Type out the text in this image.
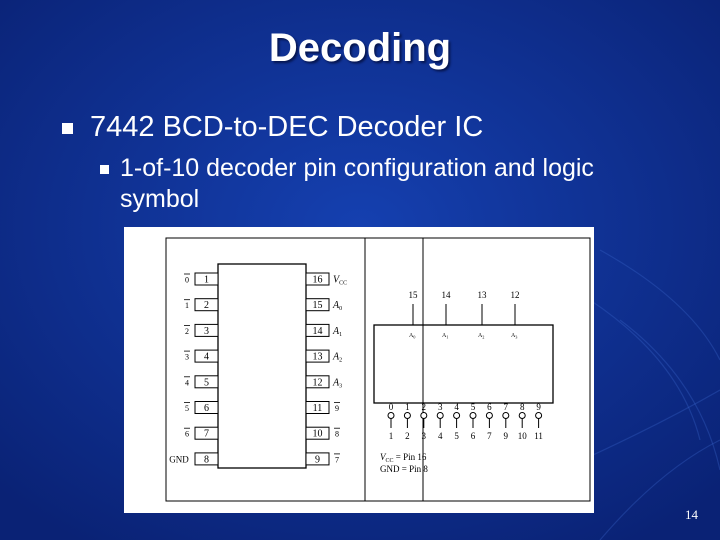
Decoding
7442 BCD-to-DEC Decoder IC
1-of-10 decoder pin configuration and logic symbol
1
0
2
1
3
2
4
3
5
4
6
5
7
6
8
GND
16 $V_{CC}$
15 $A_0$
14 $A_1$
13 $A_2$
12 $A_3$
11 9
10 8
9 7
15
$A_0$
14
$A_1$
13
$A_2$
12
$A_3$
0
1
1
2
2
3
3
4
4
5
5
6
6
7
7
9
8
10
9
11
$V_{CC}$ = Pin 16
GND = Pin 8
14
